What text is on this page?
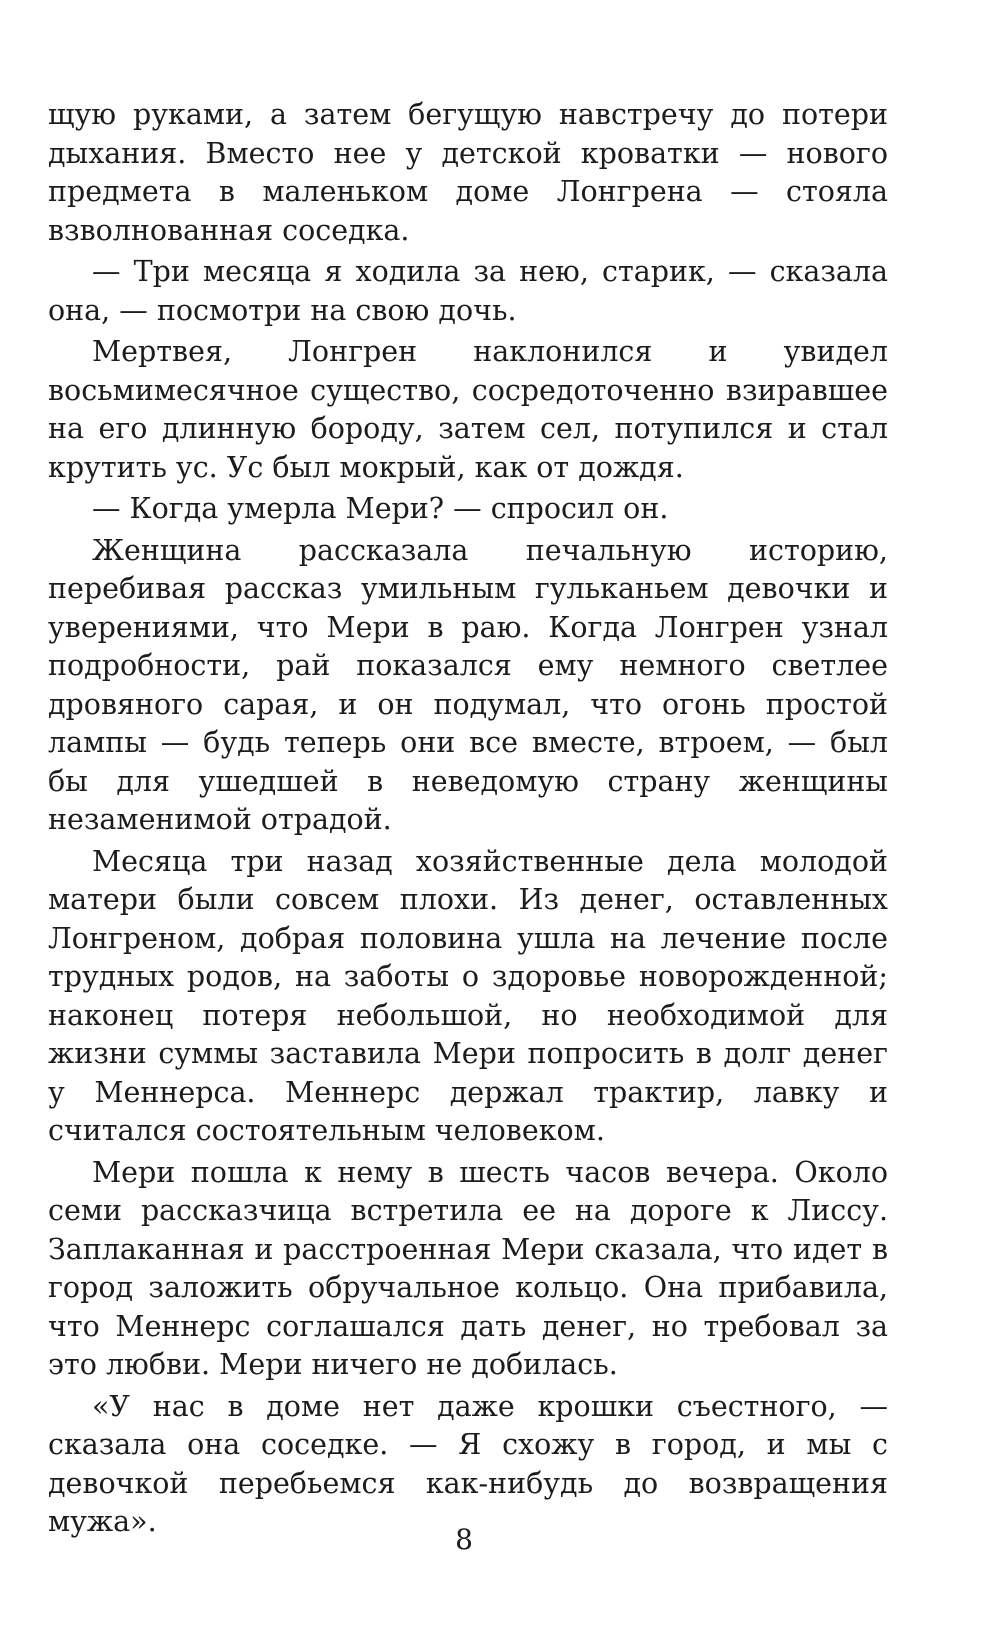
щую руками, а затем бегущую навстречу до потери дыхания. Вместо нее у детской кроватки — нового предмета в маленьком доме Лонгрена — стояла взволнованная соседка.

— Три месяца я ходила за нею, старик, — сказала она, — посмотри на свою дочь.

Мертвея, Лонгрен наклонился и увидел восьмимесячное существо, сосредоточенно взиравшее на его длинную бороду, затем сел, потупился и стал крутить ус. Ус был мокрый, как от дождя.

— Когда умерла Мери? — спросил он.

Женщина рассказала печальную историю, перебивая рассказ умильным гульканьем девочки и уверениями, что Мери в раю. Когда Лонгрен узнал подробности, рай показался ему немного светлее дровяного сарая, и он подумал, что огонь простой лампы — будь теперь они все вместе, втроем, — был бы для ушедшей в неведомую страну женщины незаменимой отрадой.

Месяца три назад хозяйственные дела молодой матери были совсем плохи. Из денег, оставленных Лонгреном, добрая половина ушла на лечение после трудных родов, на заботы о здоровье новорожденной; наконец потеря небольшой, но необходимой для жизни суммы заставила Мери попросить в долг денег у Меннерса. Меннерс держал трактир, лавку и считался состоятельным человеком.

Мери пошла к нему в шесть часов вечера. Около семи рассказчица встретила ее на дороге к Лиссу. Заплаканная и расстроенная Мери сказала, что идет в город заложить обручальное кольцо. Она прибавила, что Меннерс соглашался дать денег, но требовал за это любви. Мери ничего не добилась.

«У нас в доме нет даже крошки съестного, — сказала она соседке. — Я схожу в город, и мы с девочкой перебьемся как-нибудь до возвращения мужа».

8
